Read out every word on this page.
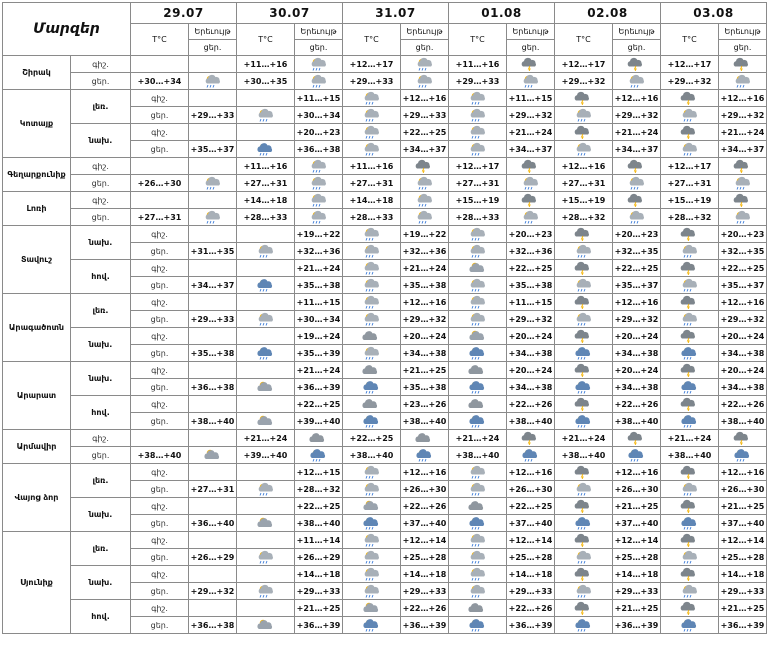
Մարզեր		29.07		30.07		31.07		01.08		02.08		03.08		
		T°C	Երեւույթ	T°C	Երեւույթ	T°C	Երեւույթ	T°C	Երեւույթ	T°C	Երեւույթ	T°C	Երեւույթ	
			ցեր.		ցեր.		ցեր.		ցեր.		ցեր.		ցեր.	
Շիրակ	գիշ.			+11…+16		+12…+17		+11…+16		+12…+17		+12…+17	

	ցեր.	+30…+34		+30…+35		+29…+33		+29…+33		+29…+32		+29…+32	

Կոտայք	լեռ.	գիշ.			+11…+15		+12…+16		+11…+15		+12…+16		+12…+16	

		ցեր.	+29…+33		+30…+34		+29…+33		+29…+32		+29…+32		+29…+32	

	նախ.	գիշ.			+20…+23		+22…+25		+21…+24		+21…+24		+21…+24	

		ցեր.	+35…+37		+36…+38		+34…+37		+34…+37		+34…+37		+34…+37	

Գեղարքունիք	գիշ.			+11…+16		+11…+16		+12…+17		+12…+16		+12…+17	

	ցեր.	+26…+30		+27…+31		+27…+31		+27…+31		+27…+31		+27…+31	

Լոռի	գիշ.			+14…+18		+14…+18		+15…+19		+15…+19		+15…+19	

	ցեր.	+27…+31		+28…+33		+28…+33		+28…+33		+28…+32		+28…+32	

Տավուշ	նախ.	գիշ.			+19…+22		+19…+22		+20…+23		+20…+23		+20…+23	

		ցեր.	+31…+35		+32…+36		+32…+36		+32…+36		+32…+35		+32…+35	

	հով.	գիշ.			+21…+24		+21…+24		+22…+25		+22…+25		+22…+25	

		ցեր.	+34…+37		+35…+38		+35…+38		+35…+38		+35…+37		+35…+37	

Արագածոտն	լեռ.	գիշ.			+11…+15		+12…+16		+11…+15		+12…+16		+12…+16	

		ցեր.	+29…+33		+30…+34		+29…+32		+29…+32		+29…+32		+29…+32	

	նախ.	գիշ.			+19…+24		+20…+24		+20…+24		+20…+24		+20…+24	

		ցեր.	+35…+38		+35…+39		+34…+38		+34…+38		+34…+38		+34…+38	

Արարատ	նախ.	գիշ.			+21…+24		+21…+25		+20…+24		+20…+24		+20…+24	

		ցեր.	+36…+38		+36…+39		+35…+38		+34…+38		+34…+38		+34…+38	

	հով.	գիշ.			+22…+25		+23…+26		+22…+26		+22…+26		+22…+26	

		ցեր.	+38…+40		+39…+40		+38…+40		+38…+40		+38…+40		+38…+40	

Արմավիր	գիշ.			+21…+24		+22…+25		+21…+24		+21…+24		+21…+24	

	ցեր.	+38…+40		+39…+40		+38…+40		+38…+40		+38…+40		+38…+40	

Վայոց ձոր	լեռ.	գիշ.			+12…+15		+12…+16		+12…+16		+12…+16		+12…+16	

		ցեր.	+27…+31		+28…+32		+26…+30		+26…+30		+26…+30		+26…+30	

	նախ.	գիշ.			+22…+25		+22…+26		+22…+25		+21…+25		+21…+25	

		ցեր.	+36…+40		+38…+40		+37…+40		+37…+40		+37…+40		+37…+40	

Սյունիք	լեռ.	գիշ.			+11…+14		+12…+14		+12…+14		+12…+14		+12…+14	

		ցեր.	+26…+29		+26…+29		+25…+28		+25…+28		+25…+28		+25…+28	

	նախ.	գիշ.			+14…+18		+14…+18		+14…+18		+14…+18		+14…+18	

		ցեր.	+29…+32		+29…+33		+29…+33		+29…+33		+29…+33		+29…+33	

	հով.	գիշ.			+21…+25		+22…+26		+22…+26		+21…+25		+21…+25	

		ցեր.	+36…+38		+36…+39		+36…+39		+36…+39		+36…+39		+36…+39	
